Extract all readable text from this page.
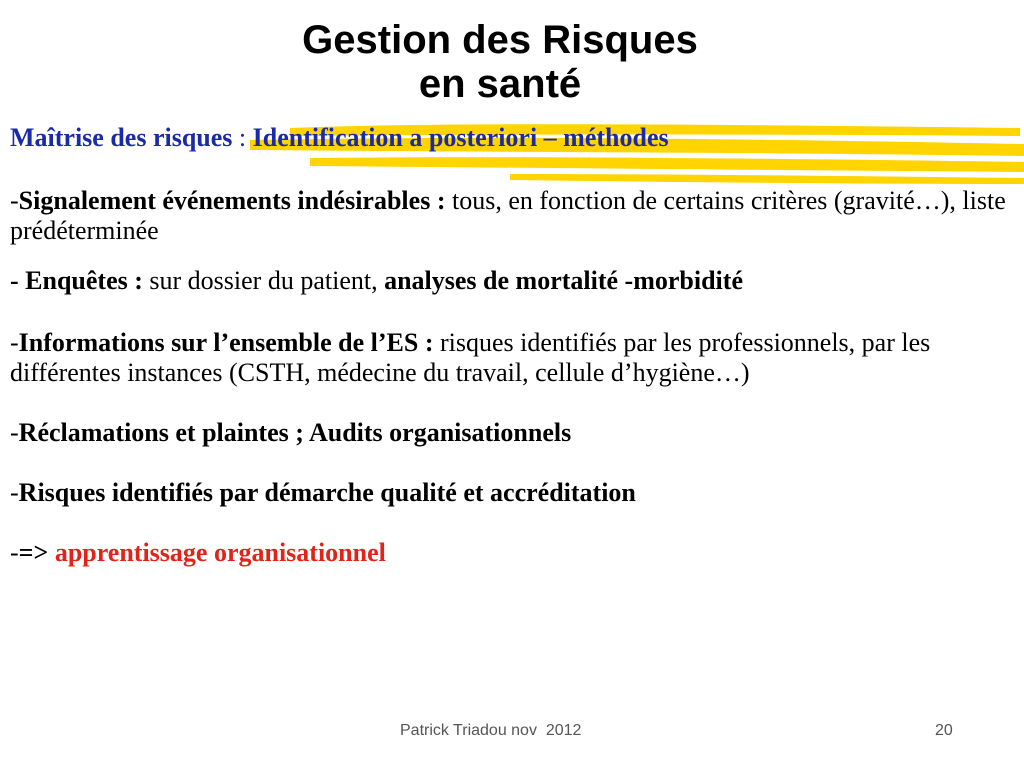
Gestion des Risques
en santé
Maîtrise des risques : Identification a posteriori – méthodes

-Signalement événements indésirables : tous, en fonction de certains critères (gravité…), liste prédéterminée

- Enquêtes : sur dossier du patient, analyses de mortalité -morbidité

-Informations sur l’ensemble de l’ES : risques identifiés par les professionnels, par les différentes instances (CSTH, médecine du travail, cellule d’hygiène…)

-Réclamations et plaintes ; Audits organisationnels

-Risques identifiés par démarche qualité et accréditation

-=> apprentissage organisationnel

Patrick Triadou nov  2012	20
